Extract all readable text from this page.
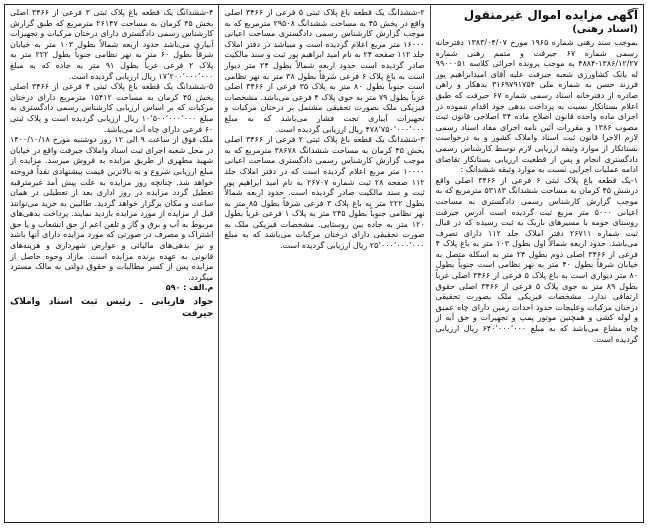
آگهی مزایده اموال غیرمنقول

(اسناد رهنی)

بموجب سند رهنی شماره ۱۹۶۵ مورخ ۱۳۸۳/۰۴/۰۷ دفترخانه رسمی شماره ۶۷ جیرفت و متمم رهنی شماره ۱۳۸۶/۱۲/۲۷-۴۸۸۴ به موجب پرونده اجرائی کلاسه ۹۹۰۰۰۵۱ له بانک کشاورزی شعبه جیرفت علیه آقای امیدابراهیم پور فرزند حسن به شماره ملی ۳۱۶۹۷۹۱۷۵۴ بدهکار و راهن صادره از دفترخانه اسناد رسمی شماره ۶۷ جیرفت که طبق اعلام بستانکار نسبت به پرداخت بدهی خود اقدام ننموده در اجرای ماده واحده قانون اصلاح ماده ۳۴ اصلاحی قانون ثبت مصوب ۱۳۸۶ و مقررات آئین نامه اجرای مفاد اسناد رسمی لازم الاجرا قانون ثبت اسناد واملاک کشور و به درخواست بستانکار از موارد وثیقه ارزیابی لازم توسط کارشناس رسمی دادگستری انجام و پس از قطعیت ارزیابی بستانکار تقاضای ادامه عملیات اجرایی نسبت به موارد وثیقه ششدانگ :

۱-یک قطعه باغ پلاک ثبتی ۶ فرعی از ۳۴۶۶ اصلی واقع درشش ۴۵ کرمان به مساحت ششدانگ ۵۳۱۸۳ مترمربع که به موجب گزارش کارشناس رسمی دادگستری به مساحت اعیانی ۵۰۰۰ متر مربع ثبت گردیده است آدرس جیرفت روستای حومه با مسیرهای باریک به ثبت رسیده که در قبال ثبت شماره ۲۶۷۱۱ دفتر املاک جلد ۱۱۲ دارای تصرف می‌باشد. حدود اربعه شمالاً اول بطول ۱۰۳ متر به باغ پلاک ۴ فرعی از ۳۴۶۶ اصلی دوم بطول ۲۴ متر به اسکله متصل به خیابان شرقاً بطول ۴۰ متر به نهر نظامی است جنوباً بطول ۸۰ متر دیواری است به باغ پلاک ۵ فرعی از ۳۴۶۶ اصلی غرباً بطول ۸۹ متر به جوی پلاک ۵ فرعی از ۳۴۶۶ اصلی حقوق ارتفاقی ندارد. مشخصات فیزیکی ملک بصورت تحقیقی درختان مرکبات وعلیجات حدود احداث زمین دارای چاه عمیق و لوله کشی و همچنین موتور پمپ و تجهیزات و حق آبه از چاه مشاع می‌باشد که به مبلغ ۶۴۰٬۰۰۰٬۰۰۰ ریال ارزیابی گردیده است.

۲-ششدانگ یک قطعه باغ پلاک ثبتی ۵ فرعی از ۳۴۶۶ اصلی واقع در بخش ۴۵ به مساحت ششدانگ ۲۹۵۰۸ مترمربع که به موجب گزارش کارشناس رسمی دادگستری مساحت اعیانی ۱۶۰۰۰ متر مربع اعلام گردیده است و میباشد در دفتر املاک جلد ۱۱۲ صفحه ۲۴ به نام امید ابراهیم پور ثبت و سند مالکیت صادر گردیده است حدود اربعه شمالاً بطول ۲۴ متر دیوار است به باغ پلاک ۶ فرعی شرقاً بطول ۳۸ متر به نهر نظامی است جنوباً بطول ۸۰ متر به پلاک ۳۵ فرعی از ۳۴۶۶ اصلی غرباً بطول ۷۹ متر به جوی پلاک ۴ فرعی می‌باشد. مشخصات فیزیکی ملک بصورت تحقیقی مشتمل بر درختان مرکبات و تجهیزات آبیاری تحت فشار می‌باشد که به مبلغ ۴۷۸٬۷۵۰٬۰۰۰٬۰۰۰ ریال ارزیابی گردیده است.

۳-ششدانگ یک قطعه باغ پلاک ثبتی ۲ فرعی از ۳۴۶۶ اصلی بخش ۴۵ کرمان به مساحت ششدانگ ۳۸۶۷۸ مترمربع که به موجب گزارش کارشناس رسمی دادگستری مساحت اعیانی ۱۰۰۰۰ متر مربع اعلام گردیده است که در دفتر املاک جلد ۱۱۲ صفحه ۲۸ ثبت شماره ۲۶۷۰۷ به نام امید ابراهیم پور ثبت و سند مالکیت صادر گردیده است. حدود اربعه شمالاً بطول ۲۲۲ متر به باغ پلاک ۳ فرعی شرقاً بطول ۸۵ متر به نهر نظامی جنوباً بطول ۲۴۵ متر به پلاک ۱ فرعی غرباً بطول ۱۲۰ متر به جاده بین روستایی. مشخصات فیزیکی ملک به صورت تحقیقی دارای درختان مرکبات می‌باشد که به مبلغ ۲۵٬۰۰۰٬۰۰۰٬۰۰۰ ریال ارزیابی گردیده است.

۴-ششدانگ یک قطعه باغ پلاک ثبتی ۳ فرعی از ۳۴۶۶ اصلی بخش ۴۵ کرمان به مساحت ۲۶۱۴۷ مترمربع که طبق گزارش کارشناس رسمی دادگستری دارای درختان مرکبات و تجهیزات آبیاری می‌باشد حدود اربعه شمالاً بطول ۱۰۳ متر به خیابان شرقاً بطول ۶۰ متر به نهر نظامی جنوباً بطول ۲۲۲ متر به پلاک ۲ فرعی غرباً بطول ۹۱ متر به جاده که به مبلغ ۱۷٬۲۰۰٬۰۰۰٬۰۰۰ ریال ارزیابی گردیده است.

۵-ششدانگ یک قطعه باغ پلاک ثبتی ۴ فرعی از ۳۴۶۶ اصلی بخش ۴۵ کرمان به مساحت ۱۵۴۱۲ مترمربع دارای درختان مرکبات که بر اساس ارزیابی کارشناس رسمی دادگستری به مبلغ ۱۰٬۵۰۰٬۰۰۰٬۰۰۰ ریال ارزیابی گردیده است و پلاک ثبتی ۶۰ فرعی دارای چاه آب می‌باشد.

ملک فوق از ساعت ۹ الی ۱۲ روز دوشنبه مورخ ۱۴۰۰/۱۰/۱۸ در محل شعبه اجرای ثبت اسناد واملاک جیرفت واقع در خیابان شهید مطهری از طریق مزایده به فروش میرسد. مزایده از مبلغ ارزیابی شروع و به بالاترین قیمت پیشنهادی نقداً فروخته خواهد شد. چنانچه روز مزایده به علت پیش آمد غیرمترقبه تعطیل گردد مزایده در روز اداری بعد از تعطیلی در همان ساعت و مکان برگزار خواهد گردید. طالبین به خرید می‌توانند قبل از مزایده از مورد مزایده بازدید نمایند. پرداخت بدهی‌های مربوط به آب و برق و گاز و تلفن اعم از حق انشعاب و یا حق اشتراک و مصرف در صورتی که مورد مزایده دارای آنها باشد و نیز بدهی‌های مالیاتی و عوارض شهرداری و هزینه‌های قانونی به عهده برنده مزایده است. مازاد وجوه حاصل از مزایده پس از کسر مطالبات و حقوق دولتی به مالک مسترد میگردد.

م.الف : ۵۹۰

جواد فاریابی ـ رئیس ثبت اسناد واملاک جیرفت
